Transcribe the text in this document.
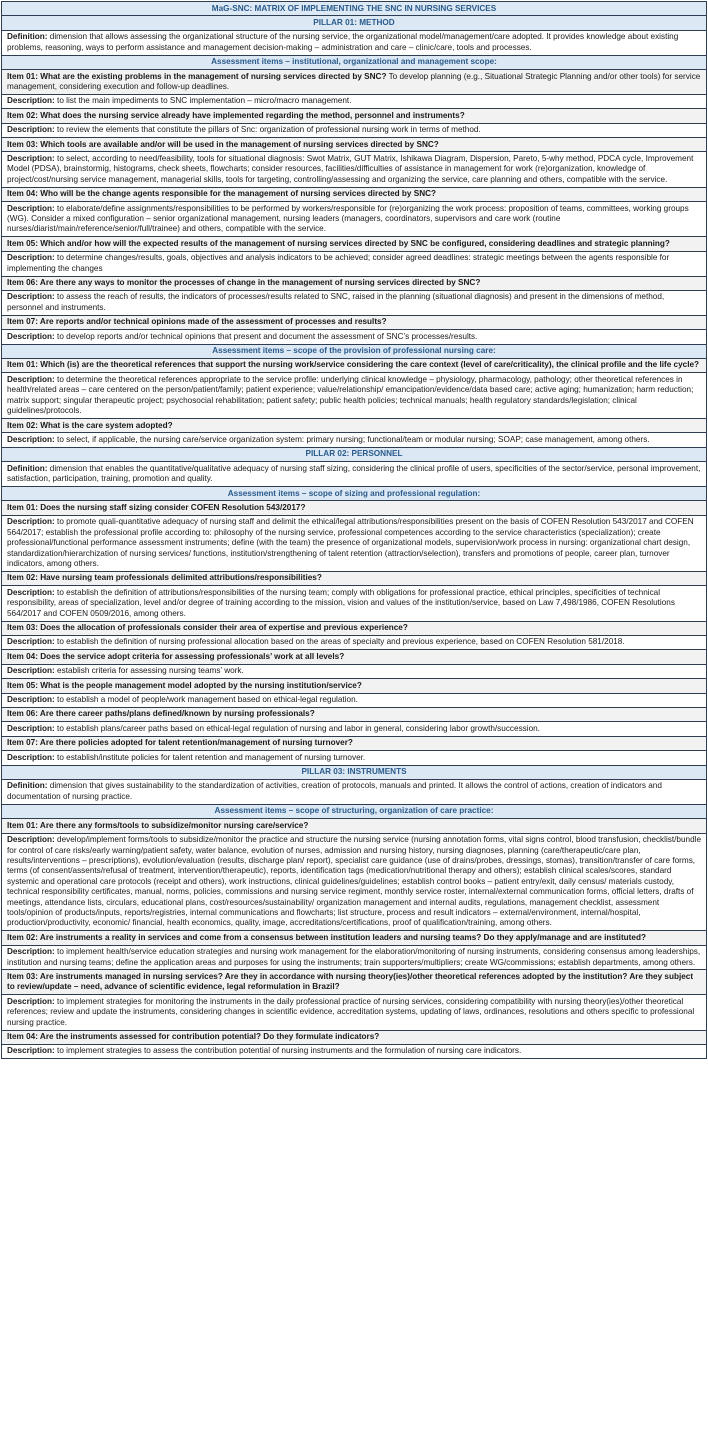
MaG-SNC: MATRIX OF IMPLEMENTING THE SNC IN NURSING SERVICES
PILLAR 01: METHOD
Definition: dimension that allows assessing the organizational structure of the nursing service, the organizational model/management/care adopted. It provides knowledge about existing problems, reasoning, ways to perform assistance and management decision-making – administration and care – clinic/care, tools and processes.
Assessment items – institutional, organizational and management scope:
Item 01: What are the existing problems in the management of nursing services directed by SNC? To develop planning (e.g., Situational Strategic Planning and/or other tools) for service management, considering execution and follow-up deadlines.
Description: to list the main impediments to SNC implementation – micro/macro management.
Item 02: What does the nursing service already have implemented regarding the method, personnel and instruments?
Description: to review the elements that constitute the pillars of Snc: organization of professional nursing work in terms of method.
Item 03: Which tools are available and/or will be used in the management of nursing services directed by SNC?
Description: to select, according to need/feasibility, tools for situational diagnosis: Swot Matrix, GUT Matrix, Ishikawa Diagram, Dispersion, Pareto, 5-why method, PDCA cycle, Improvement Model (PDSA), brainstormig, histograms, check sheets, flowcharts; consider resources, facilities/difficulties of assistance in management for work (re)organization, knowledge of project/cost/nursing service management, managerial skills, tools for targeting, controlling/assessing and organizing the service, care planning and others, compatible with the service.
Item 04: Who will be the change agents responsible for the management of nursing services directed by SNC?
Description: to elaborate/define assignments/responsibilities to be performed by workers/responsible for (re)organizing the work process: proposition of teams, committees, working groups (WG). Consider a mixed configuration – senior organizational management, nursing leaders (managers, coordinators, supervisors and care work (routine nurses/diarist/main/reference/senior/full/trainee) and others, compatible with the service.
Item 05: Which and/or how will the expected results of the management of nursing services directed by SNC be configured, considering deadlines and strategic planning?
Description: to determine changes/results, goals, objectives and analysis indicators to be achieved; consider agreed deadlines: strategic meetings between the agents responsible for implementing the changes
Item 06: Are there any ways to monitor the processes of change in the management of nursing services directed by SNC?
Description: to assess the reach of results, the indicators of processes/results related to SNC, raised in the planning (situational diagnosis) and present in the dimensions of method, personnel and instruments.
Item 07: Are reports and/or technical opinions made of the assessment of processes and results?
Description: to develop reports and/or technical opinions that present and document the assessment of SNC’s processes/results.
Assessment items – scope of the provision of professional nursing care:
Item 01: Which (is) are the theoretical references that support the nursing work/service considering the care context (level of care/criticality), the clinical profile and the life cycle?
Description: to determine the theoretical references appropriate to the service profile: underlying clinical knowledge – physiology, pharmacology, pathology; other theoretical references in health/related areas – care centered on the person/patient/family; patient experience; value/relationship/ emancipation/evidence/data based care; active aging; humanization; harm reduction; matrix support; singular therapeutic project; psychosocial rehabilitation; patient safety; public health policies; technical manuals; health regulatory standards/legislation; clinical guidelines/protocols.
Item 02: What is the care system adopted?
Description: to select, if applicable, the nursing care/service organization system: primary nursing; functional/team or modular nursing; SOAP; case management, among others.
PILLAR 02: PERSONNEL
Definition: dimension that enables the quantitative/qualitative adequacy of nursing staff sizing, considering the clinical profile of users, specificities of the sector/service, personal improvement, satisfaction, participation, training, promotion and quality.
Assessment items – scope of sizing and professional regulation:
Item 01: Does the nursing staff sizing consider COFEN Resolution 543/2017?
Description: to promote quali-quantitative adequacy of nursing staff and delimit the ethical/legal attributions/responsibilities present on the basis of COFEN Resolution 543/2017 and COFEN 564/2017; establish the professional profile according to: philosophy of the nursing service, professional competences according to the service characteristics (specialization); create professional/functional performance assessment instruments; define (with the team) the presence of organizational models, supervision/work process in nursing: organizational chart design, standardization/hierarchization of nursing services/ functions, institution/strengthening of talent retention (attraction/selection), transfers and promotions of people, career plan, turnover indicators, among others.
Item 02: Have nursing team professionals delimited attributions/responsibilities?
Description: to establish the definition of attributions/responsibilities of the nursing team; comply with obligations for professional practice, ethical principles, specificities of technical responsibility, areas of specialization, level and/or degree of training according to the mission, vision and values of the institution/service, based on Law 7,498/1986, COFEN Resolutions 564/2017 and COFEN 0509/2016, among others.
Item 03: Does the allocation of professionals consider their area of expertise and previous experience?
Description: to establish the definition of nursing professional allocation based on the areas of specialty and previous experience, based on COFEN Resolution 581/2018.
Item 04: Does the service adopt criteria for assessing professionals’ work at all levels?
Description: establish criteria for assessing nursing teams’ work.
Item 05: What is the people management model adopted by the nursing institution/service?
Description: to establish a model of people/work management based on ethical-legal regulation.
Item 06: Are there career paths/plans defined/known by nursing professionals?
Description: to establish plans/career paths based on ethical-legal regulation of nursing and labor in general, considering labor growth/succession.
Item 07: Are there policies adopted for talent retention/management of nursing turnover?
Description: to establish/institute policies for talent retention and management of nursing turnover.
PILLAR 03: INSTRUMENTS
Definition: dimension that gives sustainability to the standardization of activities, creation of protocols, manuals and printed. It allows the control of actions, creation of indicators and documentation of nursing practice.
Assessment items – scope of structuring, organization of care practice:
Item 01: Are there any forms/tools to subsidize/monitor nursing care/service?
Description: develop/implement forms/tools to subsidize/monitor the practice and structure the nursing service (nursing annotation forms, vital signs control, blood transfusion, checklist/bundle for control of care risks/early warning/patient safety, water balance, evolution of nurses, admission and nursing history, nursing diagnoses, planning (care/therapeutic/care plan, results/interventions – prescriptions), evolution/evaluation (results, discharge plan/ report), specialist care guidance (use of drains/probes, dressings, stomas), transition/transfer of care forms, terms (of consent/assents/refusal of treatment, intervention/therapeutic), reports, identification tags (medication/nutritional therapy and others); establish clinical scales/scores, standard systemic and operational care protocols (receipt and others), work instructions, clinical guidelines/guidelines; establish control books – patient entry/exit, daily census/ materials custody, technical responsibility certificates, manual, norms, policies, commissions and nursing service regiment, monthly service roster, internal/external communication forms, official letters, drafts of meetings, attendance lists, circulars, educational plans, cost/resources/sustainability/ organization management and internal audits, regulations, management checklist, assessment tools/opinion of products/inputs, reports/registries, internal communications and flowcharts; list structure, process and result indicators – external/environment, internal/hospital, production/productivity, economic/ financial, health economics, quality, image, accreditations/certifications, proof of qualification/training, among others.
Item 02: Are instruments a reality in services and come from a consensus between institution leaders and nursing teams? Do they apply/manage and are instituted?
Description: to implement health/service education strategies and nursing work management for the elaboration/monitoring of nursing instruments, considering consensus among leaderships, institution and nursing teams; define the application areas and purposes for using the instruments; train supporters/multipliers; create WG/commissions; establish departments, among others.
Item 03: Are instruments managed in nursing services? Are they in accordance with nursing theory(ies)/other theoretical references adopted by the institution? Are they subject to review/update – need, advance of scientific evidence, legal reformulation in Brazil?
Description: to implement strategies for monitoring the instruments in the daily professional practice of nursing services, considering compatibility with nursing theory(ies)/other theoretical references; review and update the instruments, considering changes in scientific evidence, accreditation systems, updating of laws, ordinances, resolutions and others specific to professional nursing practice.
Item 04: Are the instruments assessed for contribution potential? Do they formulate indicators?
Description: to implement strategies to assess the contribution potential of nursing instruments and the formulation of nursing care indicators.
